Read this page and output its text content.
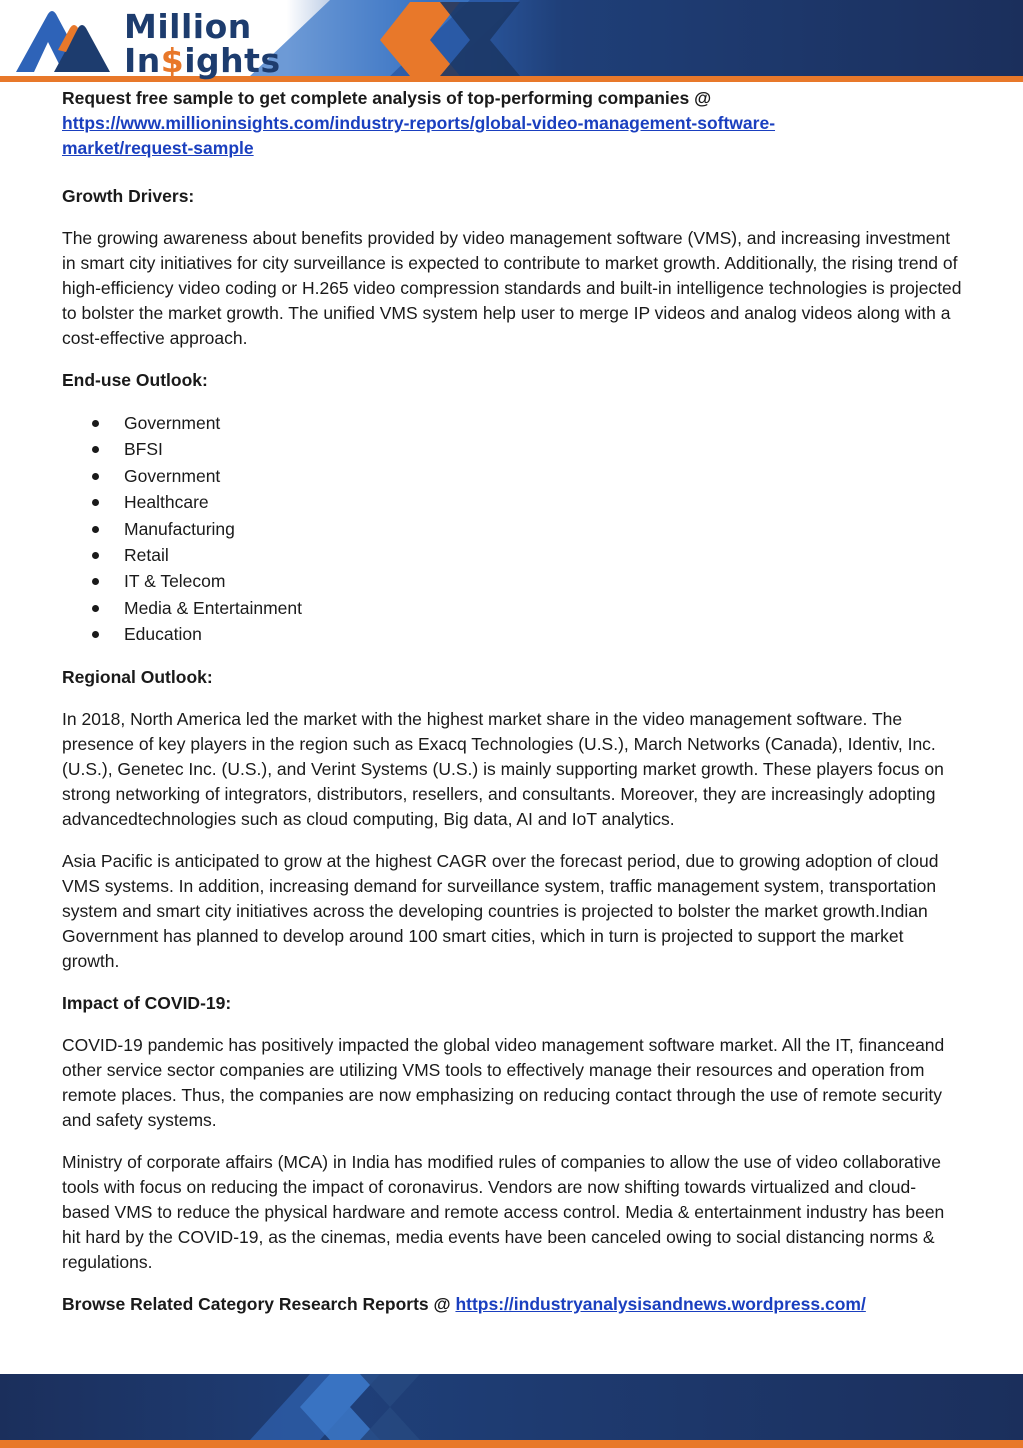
Million
In$ights

Request free sample to get complete analysis of top-performing companies @

https://www.millioninsights.com/industry-reports/global-video-management-software-
market/request-sample

Growth Drivers:

The growing awareness about benefits provided by video management software (VMS), and increasing investment in smart city initiatives for city surveillance is expected to contribute to market growth. Additionally, the rising trend of high-efficiency video coding or H.265 video compression standards and built-in intelligence technologies is projected to bolster the market growth. The unified VMS system help user to merge IP videos and analog videos along with a cost-effective approach.

End-use Outlook:

Government
BFSI
Government
Healthcare
Manufacturing
Retail
IT & Telecom
Media & Entertainment
Education

Regional Outlook:

In 2018, North America led the market with the highest market share in the video management software. The presence of key players in the region such as Exacq Technologies (U.S.), March Networks (Canada), Identiv, Inc. (U.S.), Genetec Inc. (U.S.), and Verint Systems (U.S.) is mainly supporting market growth. These players focus on strong networking of integrators, distributors, resellers, and consultants. Moreover, they are increasingly adopting advancedtechnologies such as cloud computing, Big data, AI and IoT analytics.

Asia Pacific is anticipated to grow at the highest CAGR over the forecast period, due to growing adoption of cloud VMS systems. In addition, increasing demand for surveillance system, traffic management system, transportation system and smart city initiatives across the developing countries is projected to bolster the market growth.Indian Government has planned to develop around 100 smart cities, which in turn is projected to support the market growth.

Impact of COVID-19:

COVID-19 pandemic has positively impacted the global video management software market. All the IT, financeand other service sector companies are utilizing VMS tools to effectively manage their resources and operation from remote places. Thus, the companies are now emphasizing on reducing contact through the use of remote security and safety systems.

Ministry of corporate affairs (MCA) in India has modified rules of companies to allow the use of video collaborative tools with focus on reducing the impact of coronavirus. Vendors are now shifting towards virtualized and cloud-based VMS to reduce the physical hardware and remote access control. Media & entertainment industry has been hit hard by the COVID-19, as the cinemas, media events have been canceled owing to social distancing norms & regulations.

Browse Related Category Research Reports @ https://industryanalysisandnews.wordpress.com/
